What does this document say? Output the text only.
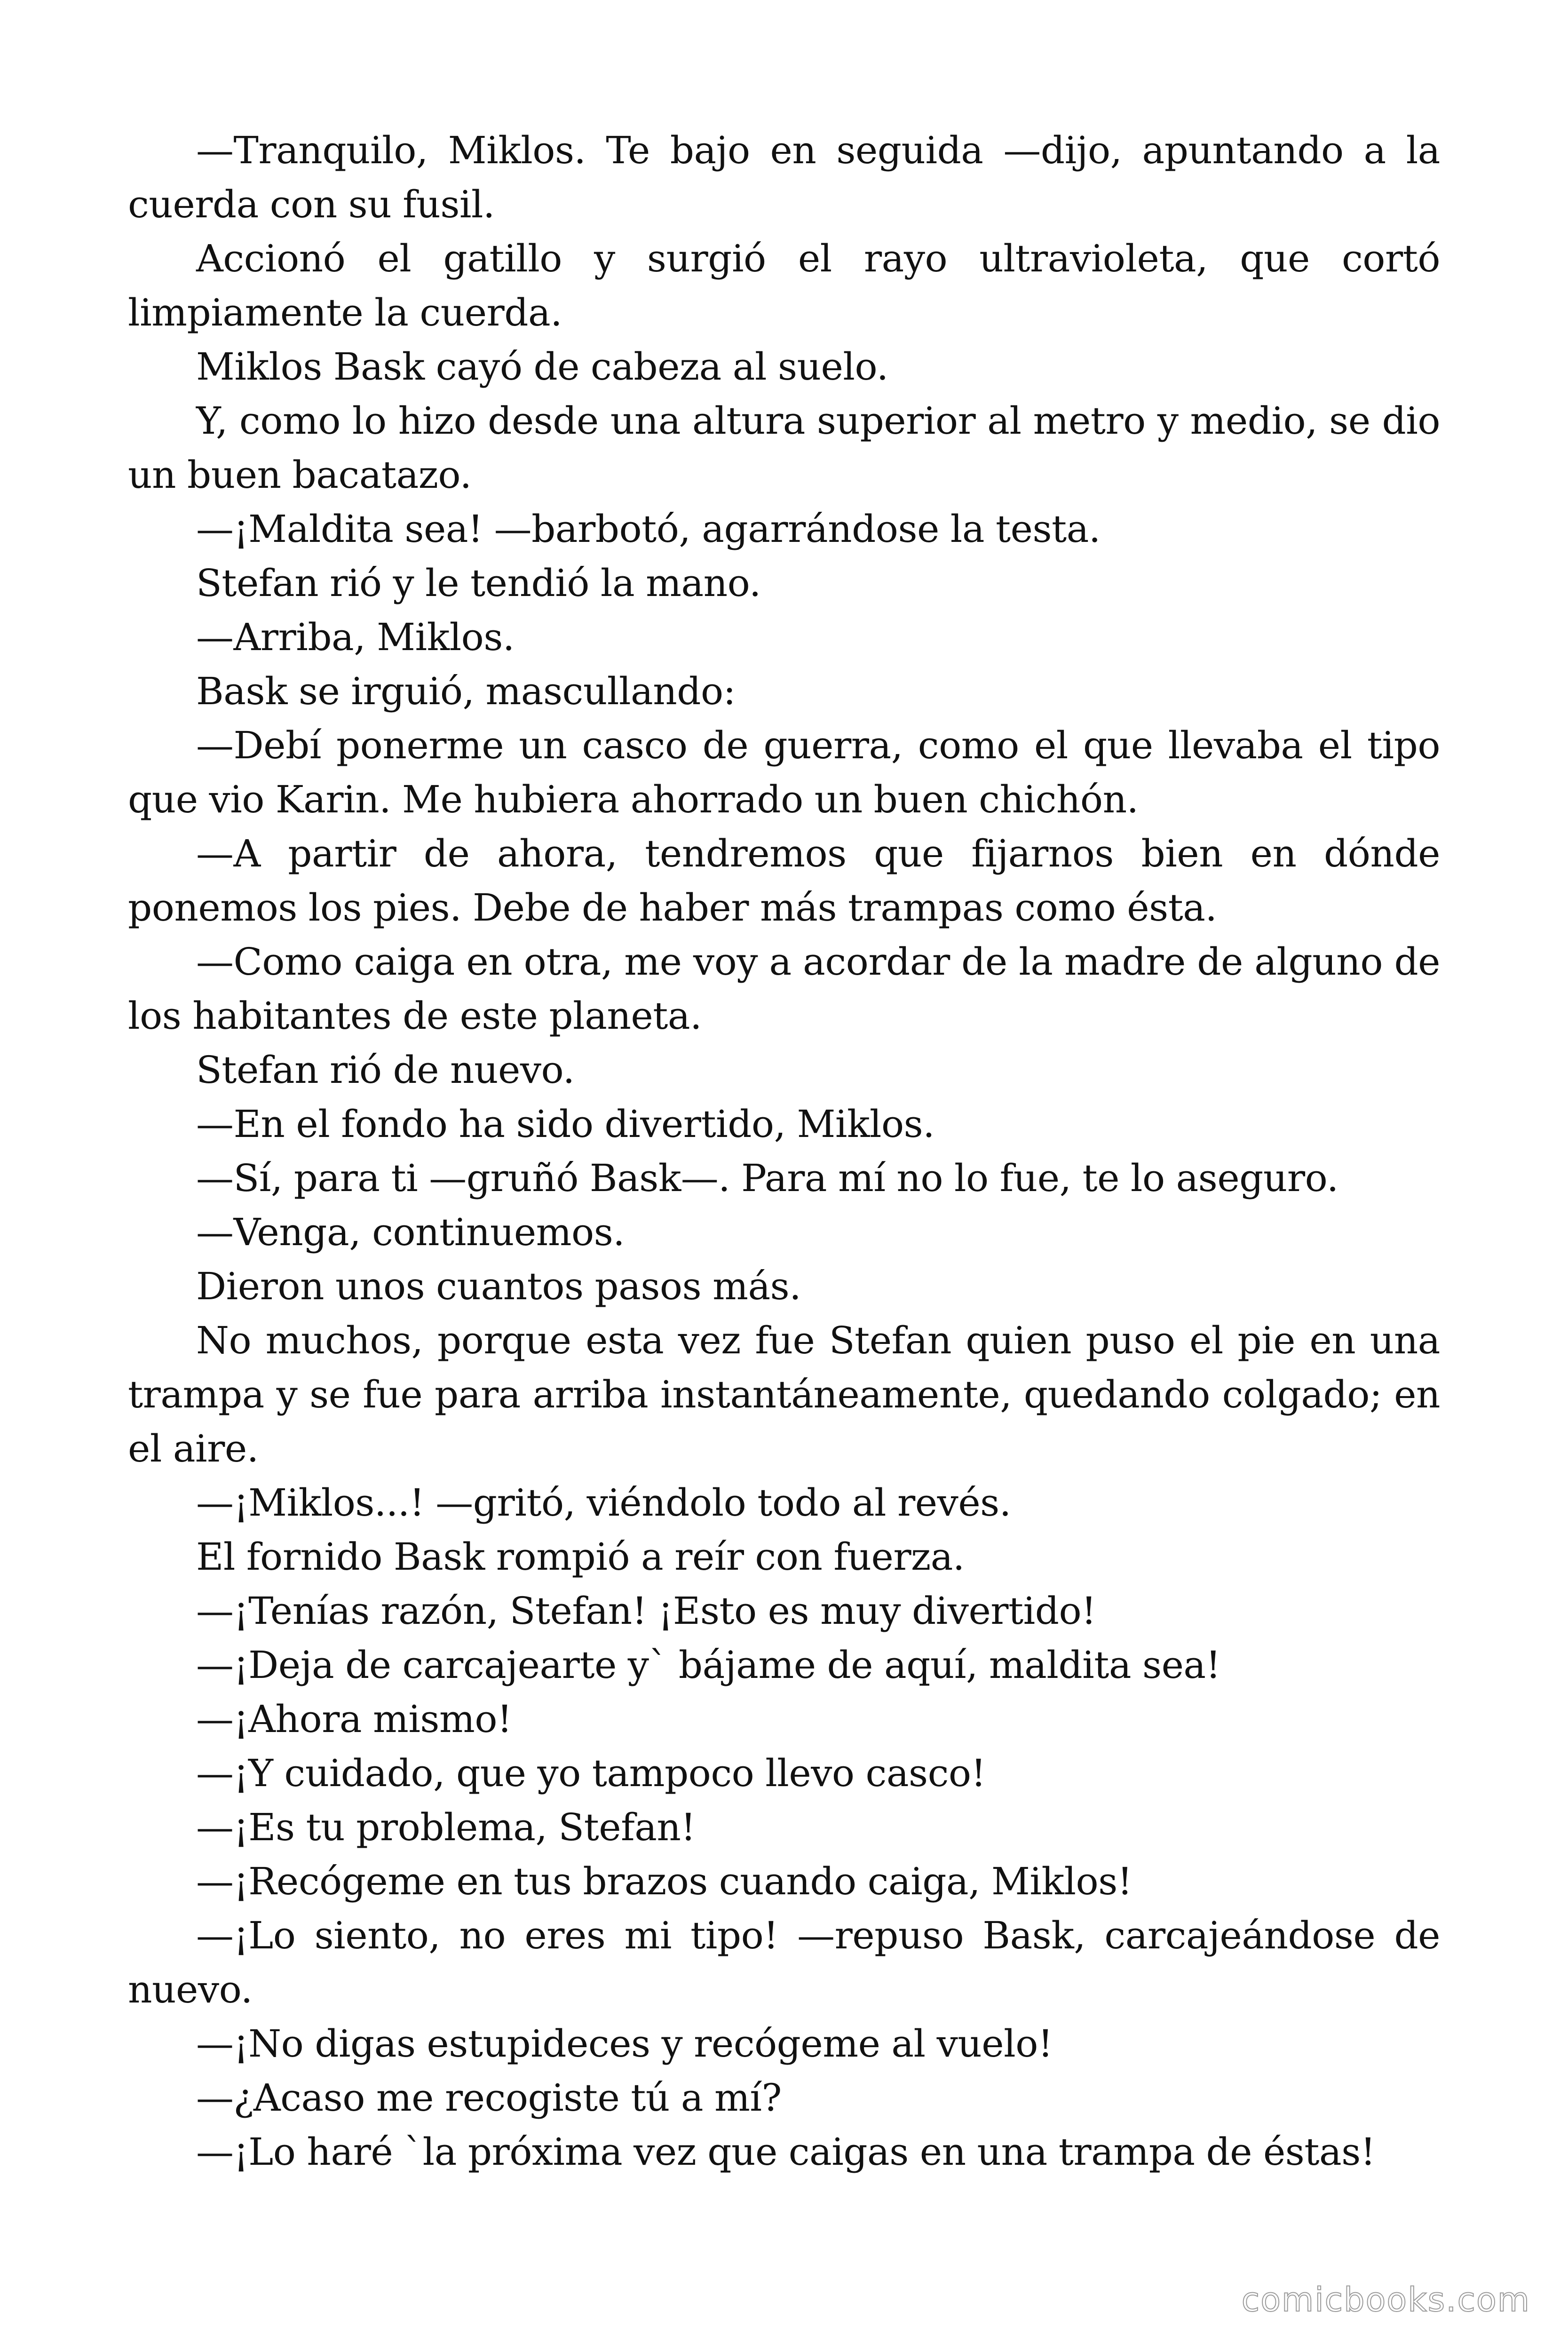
—Tranquilo, Miklos. Te bajo en seguida —dijo, apuntando a la cuerda con su fusil.

Accionó el gatillo y surgió el rayo ultravioleta, que cortó limpiamente la cuerda.

Miklos Bask cayó de cabeza al suelo.

Y, como lo hizo desde una altura superior al metro y medio, se dio un buen bacatazo.

—¡Maldita sea! —barbotó, agarrándose la testa.

Stefan rió y le tendió la mano.

—Arriba, Miklos.

Bask se irguió, mascullando:

—Debí ponerme un casco de guerra, como el que llevaba el tipo que vio Karin. Me hubiera ahorrado un buen chichón.

—A partir de ahora, tendremos que fijarnos bien en dónde ponemos los pies. Debe de haber más trampas como ésta.

—Como caiga en otra, me voy a acordar de la madre de alguno de los habitantes de este planeta.

Stefan rió de nuevo.

—En el fondo ha sido divertido, Miklos.

—Sí, para ti —gruñó Bask—. Para mí no lo fue, te lo aseguro.

—Venga, continuemos.

Dieron unos cuantos pasos más.

No muchos, porque esta vez fue Stefan quien puso el pie en una trampa y se fue para arriba instantáneamente, quedando colgado; en el aire.

—¡Miklos...! —gritó, viéndolo todo al revés.

El fornido Bask rompió a reír con fuerza.

—¡Tenías razón, Stefan! ¡Esto es muy divertido!

—¡Deja de carcajearte y` bájame de aquí, maldita sea!

—¡Ahora mismo!

—¡Y cuidado, que yo tampoco llevo casco!

—¡Es tu problema, Stefan!

—¡Recógeme en tus brazos cuando caiga, Miklos!

—¡Lo siento, no eres mi tipo! —repuso Bask, carcajeándose de nuevo.

—¡No digas estupideces y recógeme al vuelo!

—¿Acaso me recogiste tú a mí?

—¡Lo haré `la próxima vez que caigas en una trampa de éstas!

comicbooks.com
